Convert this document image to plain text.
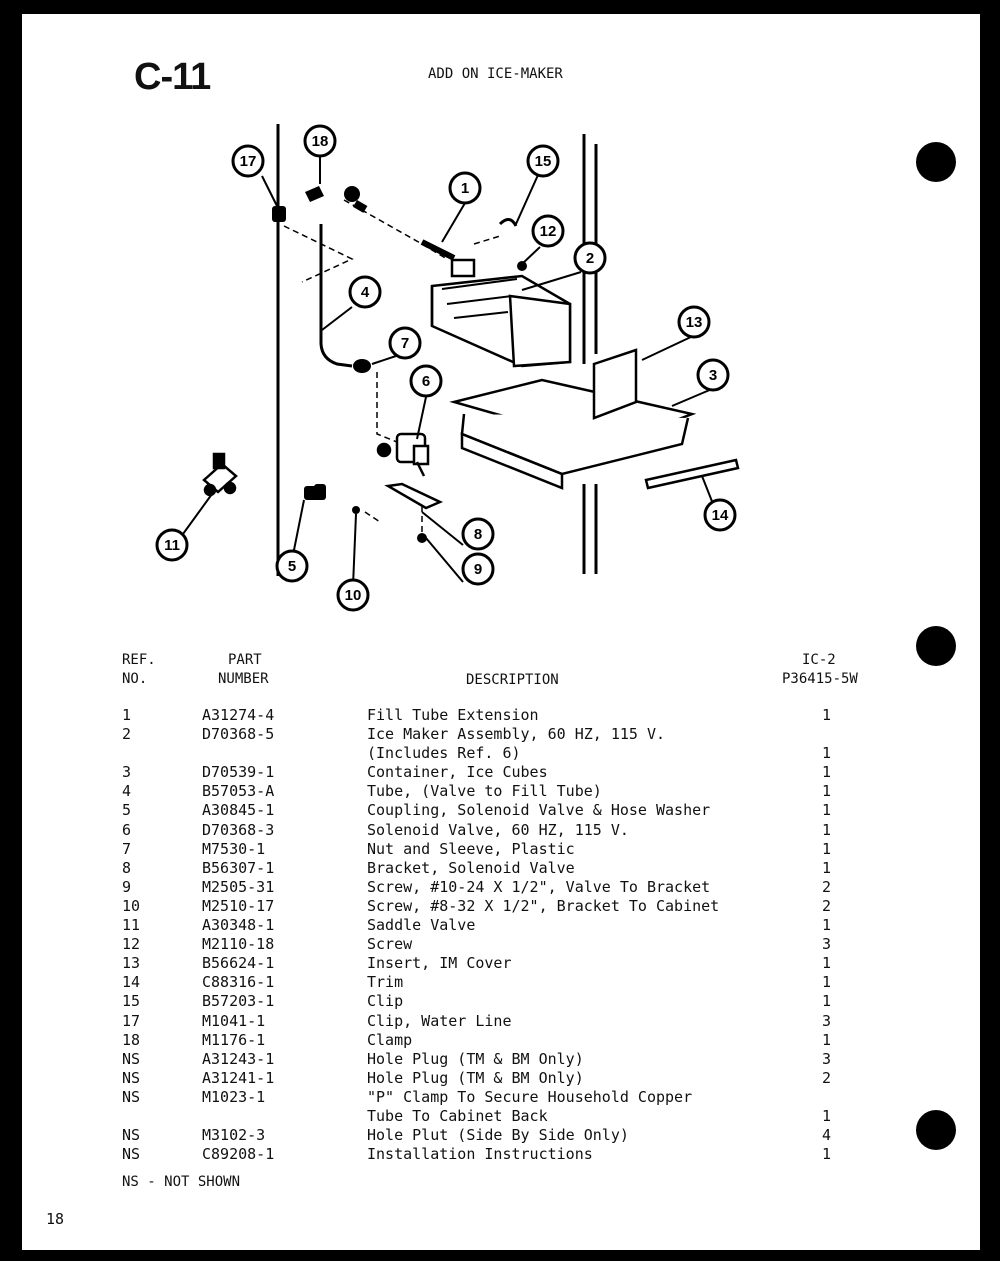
C-11	ADD ON ICE-MAKER
17
18
1
15
12
2
13
3
4
7
6
8
9
14
11
5
10
REF.
NO.
PART
NUMBER	DESCRIPTION
IC-2
P36415-5W
1	A31274-4	Fill Tube Extension	1
2	D70368-5	Ice Maker Assembly, 60 HZ, 115 V.	
		(Includes Ref. 6)	1
3	D70539-1	Container, Ice Cubes	1
4	B57053-A	Tube, (Valve to Fill Tube)	1
5	A30845-1	Coupling, Solenoid Valve & Hose Washer	1
6	D70368-3	Solenoid Valve, 60 HZ, 115 V.	1
7	M7530-1	Nut and Sleeve, Plastic	1
8	B56307-1	Bracket, Solenoid Valve	1
9	M2505-31	Screw, #10-24 X 1/2", Valve To Bracket	2
10	M2510-17	Screw, #8-32 X 1/2", Bracket To Cabinet	2
11	A30348-1	Saddle Valve	1
12	M2110-18	Screw	3
13	B56624-1	Insert, IM Cover	1
14	C88316-1	Trim	1
15	B57203-1	Clip	1
17	M1041-1	Clip, Water Line	3
18	M1176-1	Clamp	1
NS	A31243-1	Hole Plug (TM & BM Only)	3
NS	A31241-1	Hole Plug (TM & BM Only)	2
NS	M1023-1	"P" Clamp To Secure Household Copper	
		Tube To Cabinet Back	1
NS	M3102-3	Hole Plut (Side By Side Only)	4
NS	C89208-1	Installation Instructions	1
NS - NOT SHOWN
18
